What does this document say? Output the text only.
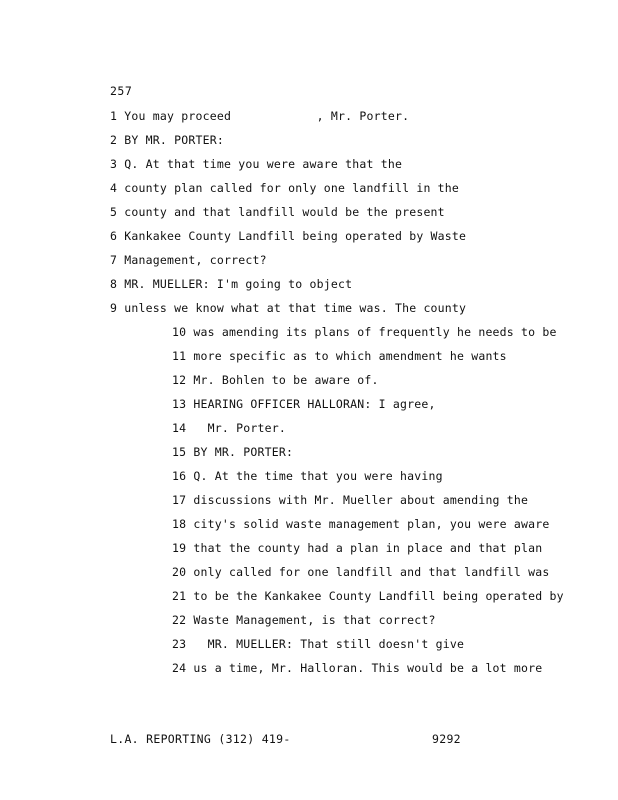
257
1 You may proceed            , Mr. Porter.
2 BY MR. PORTER:
3 Q. At that time you were aware that the
4 county plan called for only one landfill in the
5 county and that landfill would be the present
6 Kankakee County Landfill being operated by Waste
7 Management, correct?
8 MR. MUELLER: I'm going to object
9 unless we know what at that time was. The county
10 was amending its plans of frequently he needs to be
11 more specific as to which amendment he wants
12 Mr. Bohlen to be aware of.
13 HEARING OFFICER HALLORAN: I agree,
14   Mr. Porter.
15 BY MR. PORTER:
16 Q. At the time that you were having
17 discussions with Mr. Mueller about amending the
18 city's solid waste management plan, you were aware
19 that the county had a plan in place and that plan
20 only called for one landfill and that landfill was
21 to be the Kankakee County Landfill being operated by
22 Waste Management, is that correct?
23   MR. MUELLER: That still doesn't give
24 us a time, Mr. Halloran. This would be a lot more
L.A. REPORTING (312) 419-	9292
